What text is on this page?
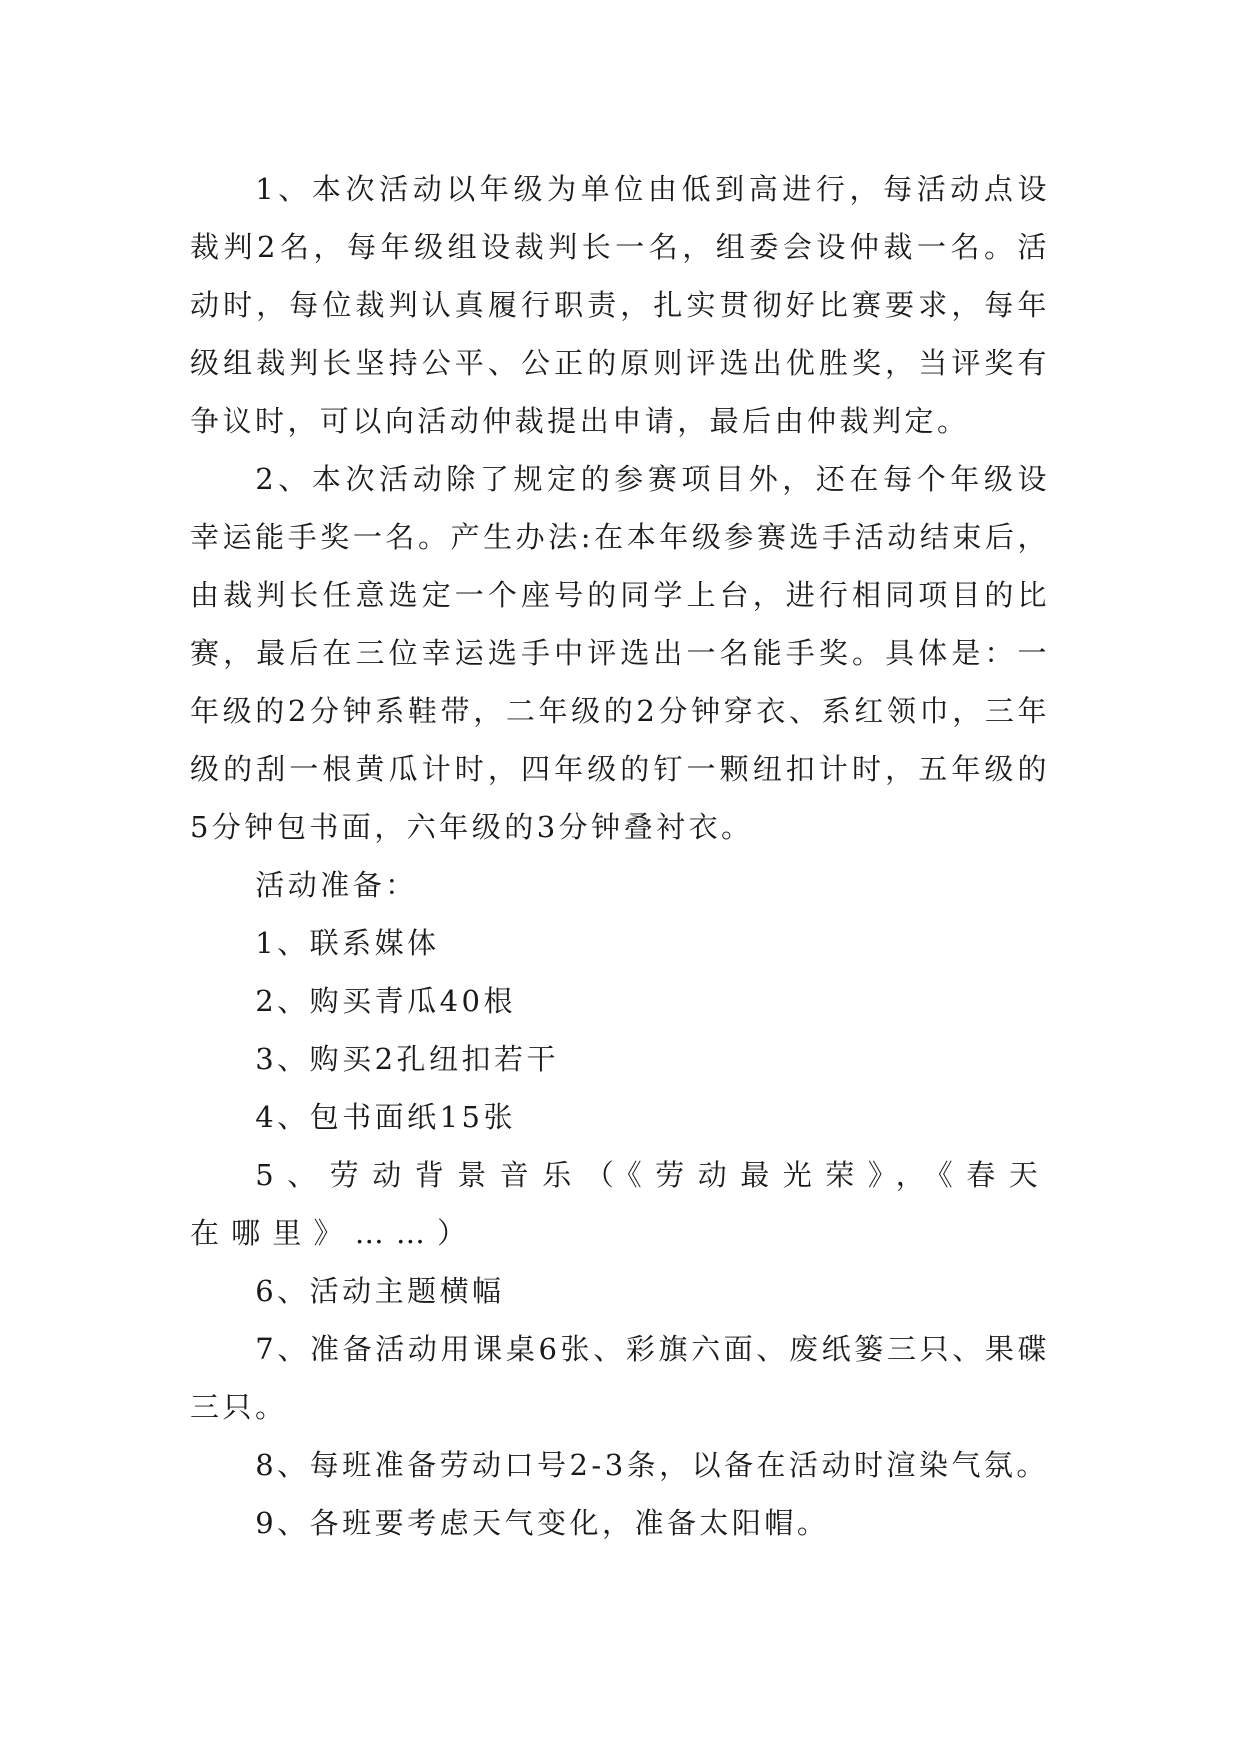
1、本次活动以年级为单位由低到高进行，每活动点设裁判2名，每年级组设裁判长一名，组委会设仲裁一名。活动时，每位裁判认真履行职责，扎实贯彻好比赛要求，每年级组裁判长坚持公平、公正的原则评选出优胜奖，当评奖有争议时，可以向活动仲裁提出申请，最后由仲裁判定。

2、本次活动除了规定的参赛项目外，还在每个年级设幸运能手奖一名。产生办法:在本年级参赛选手活动结束后，由裁判长任意选定一个座号的同学上台，进行相同项目的比赛，最后在三位幸运选手中评选出一名能手奖。具体是：一年级的2分钟系鞋带，二年级的2分钟穿衣、系红领巾，三年级的刮一根黄瓜计时，四年级的钉一颗纽扣计时，五年级的5分钟包书面，六年级的3分钟叠衬衣。

活动准备：

1、联系媒体

2、购买青瓜40根

3、购买2孔纽扣若干

4、包书面纸15张

5、劳动背景音乐（《劳动最光荣》，《春天在哪里》……）

6、活动主题横幅

7、准备活动用课桌6张、彩旗六面、废纸篓三只、果碟三只。

8、每班准备劳动口号2-3条，以备在活动时渲染气氛。

9、各班要考虑天气变化，准备太阳帽。
